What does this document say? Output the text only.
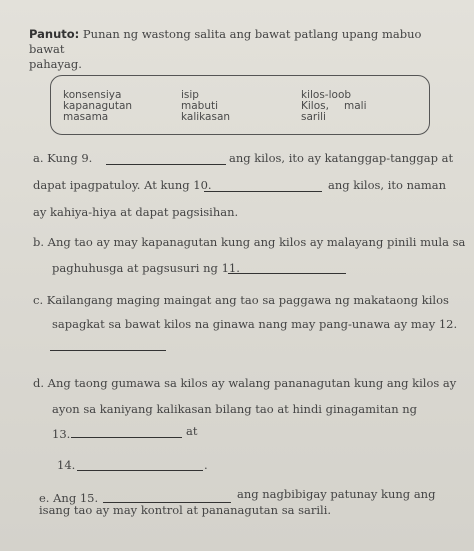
Panuto: Punan ng wastong salita ang bawat patlang upang mabuo bawat
pahayag.
konsensiya
kapanagutan
masama
isip
mabuti
kalikasan
kilos-loob
Kilos, mali
sarili
a. Kung 9.	ang kilos, ito ay katanggap-tanggap at
dapat ipagpatuloy. At kung 10.	ang kilos, ito naman
ay kahiya-hiya at dapat pagsisihan.
b. Ang tao ay may kapanagutan kung ang kilos ay malayang pinili mula sa
paghuhusga at pagsusuri ng 11.
c. Kailangang maging maingat ang tao sa paggawa ng makataong kilos
sapagkat sa bawat kilos na ginawa nang may pang-unawa ay may 12.
d. Ang taong gumawa sa kilos ay walang pananagutan kung ang kilos ay
ayon sa kaniyang kalikasan bilang tao at hindi ginagamitan ng
13.	at
14.	.
e. Ang 15.	ang nagbibigay patunay kung ang
isang tao ay may kontrol at pananagutan sa sarili.
